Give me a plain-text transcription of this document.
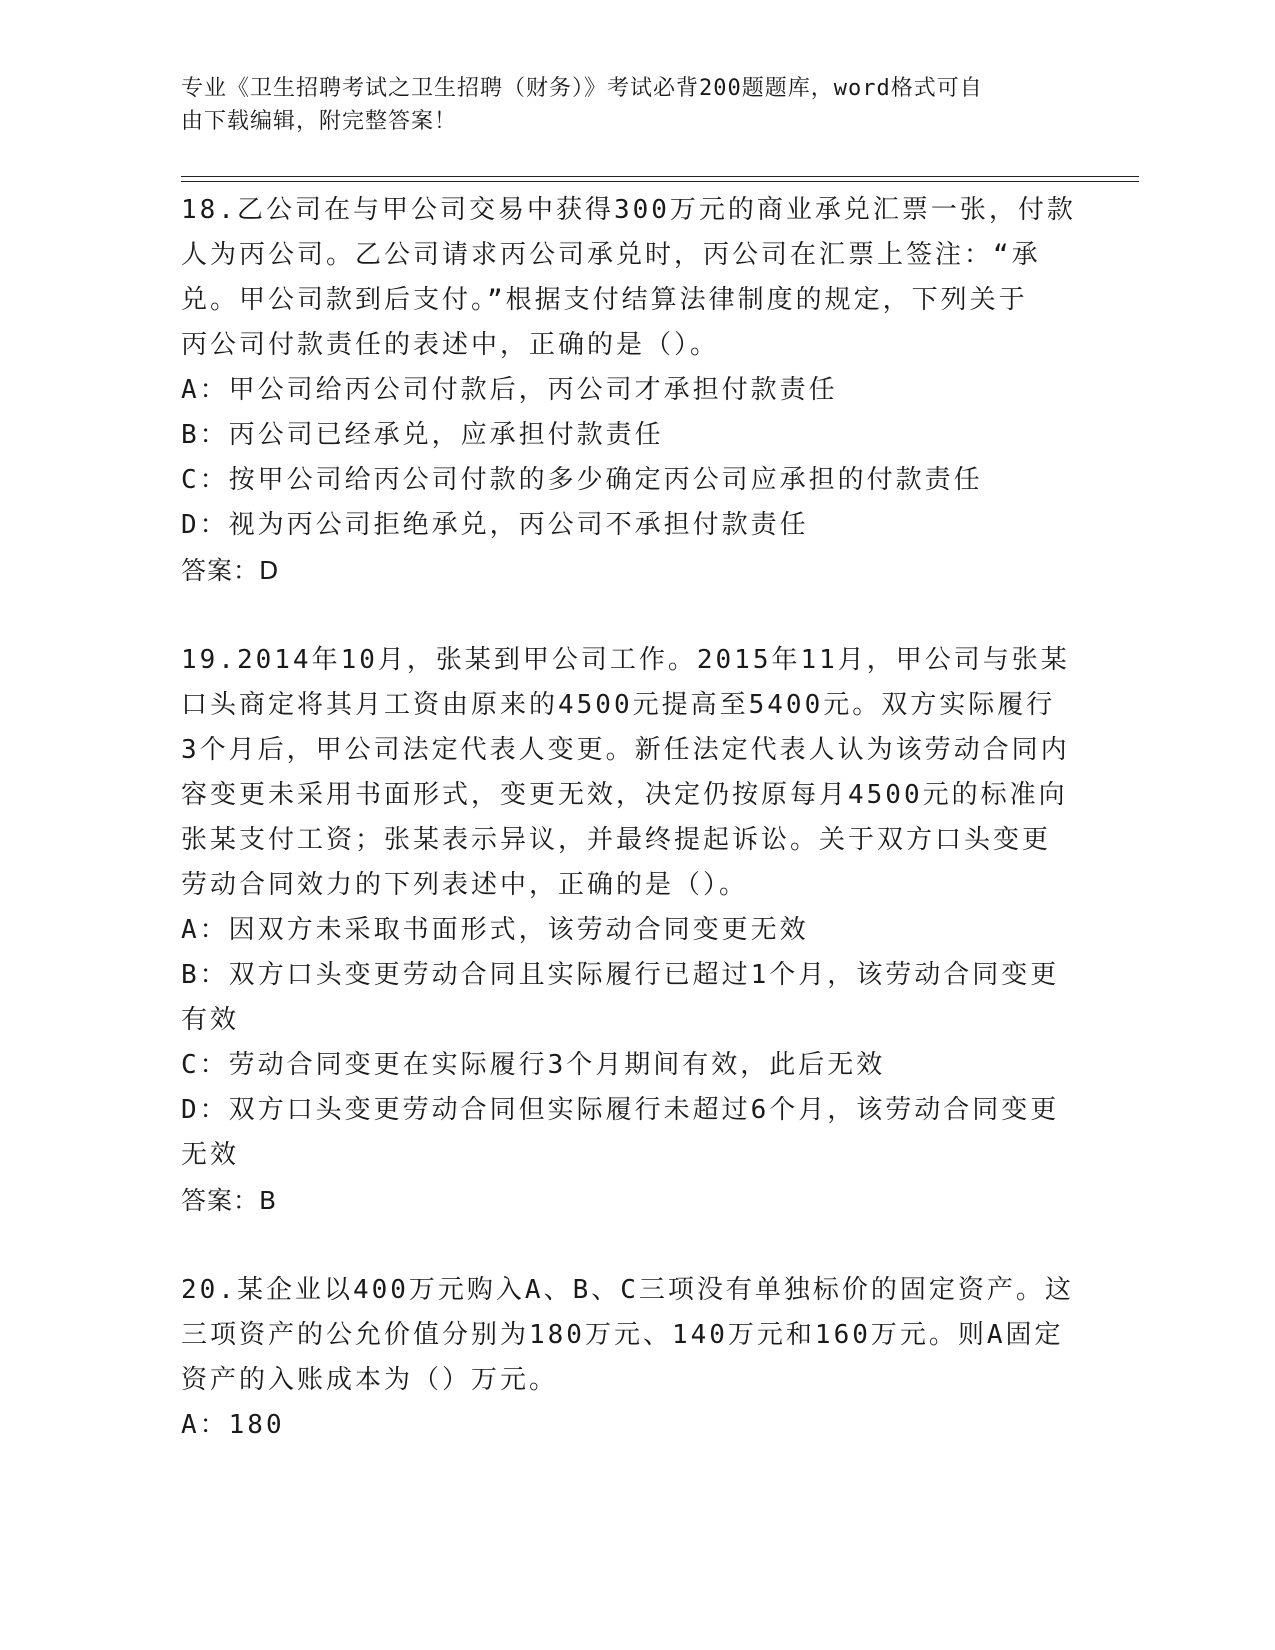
专业《卫生招聘考试之卫生招聘（财务）》考试必背200题题库，word格式可自
由下载编辑，附完整答案！
18.乙公司在与甲公司交易中获得300万元的商业承兑汇票一张，付款
人为丙公司。乙公司请求丙公司承兑时，丙公司在汇票上签注：“承
兑。甲公司款到后支付。”根据支付结算法律制度的规定，下列关于
丙公司付款责任的表述中，正确的是（）。
A：甲公司给丙公司付款后，丙公司才承担付款责任
B：丙公司已经承兑，应承担付款责任
C：按甲公司给丙公司付款的多少确定丙公司应承担的付款责任
D：视为丙公司拒绝承兑，丙公司不承担付款责任
答案：D
19.2014年10月，张某到甲公司工作。2015年11月，甲公司与张某
口头商定将其月工资由原来的4500元提高至5400元。双方实际履行
3个月后，甲公司法定代表人变更。新任法定代表人认为该劳动合同内
容变更未采用书面形式，变更无效，决定仍按原每月4500元的标准向
张某支付工资；张某表示异议，并最终提起诉讼。关于双方口头变更
劳动合同效力的下列表述中，正确的是（）。
A：因双方未采取书面形式，该劳动合同变更无效
B：双方口头变更劳动合同且实际履行已超过1个月，该劳动合同变更
有效
C：劳动合同变更在实际履行3个月期间有效，此后无效
D：双方口头变更劳动合同但实际履行未超过6个月，该劳动合同变更
无效
答案：B
20.某企业以400万元购入A、B、C三项没有单独标价的固定资产。这
三项资产的公允价值分别为180万元、140万元和160万元。则A固定
资产的入账成本为（）万元。
A：180
